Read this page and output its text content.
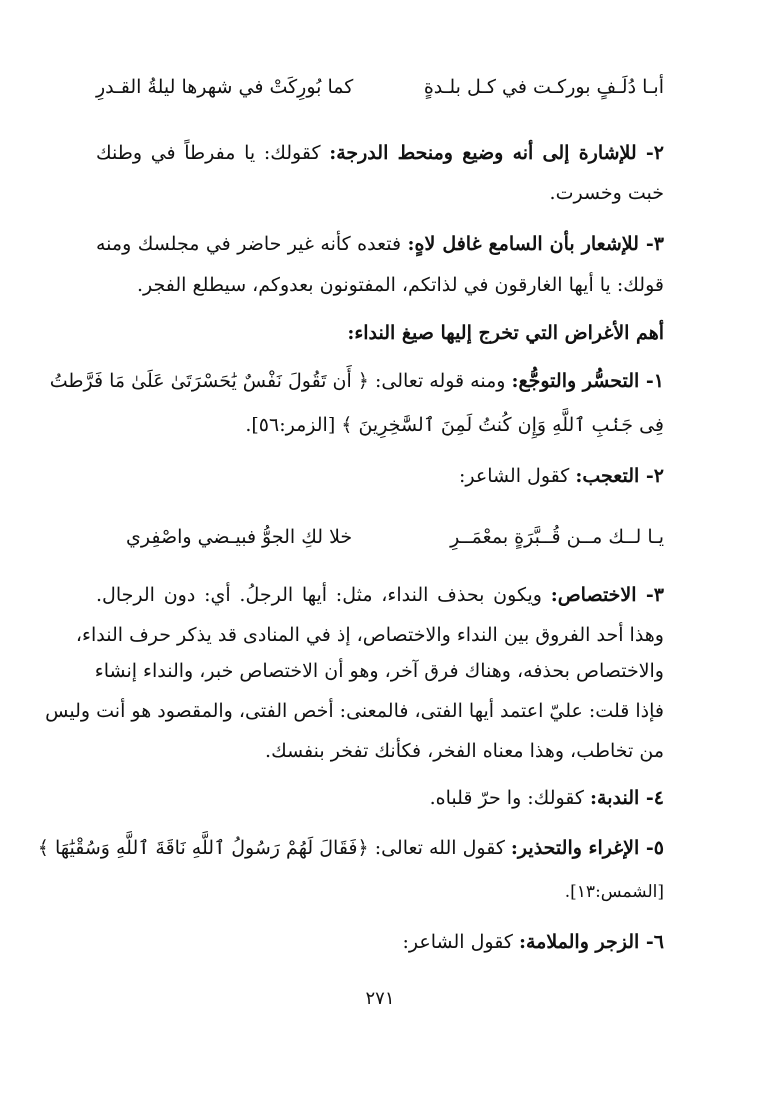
أبـا دُلَـفٍ بوركـت في كـل بلـدةٍ
كما بُورِكَتْ في شهرها ليلةُ القـدرِ
٢- للإشارة إلى أنه وضيع ومنحط الدرجة: كقولك: يا مفرطاً في وطنك
خبت وخسرت.
٣- للإشعار بأن السامع غافل لاهٍ: فتعده كأنه غير حاضر في مجلسك ومنه
قولك: يا أيها الغارقون في لذاتكم، المفتونون بعدوكم، سيطلع الفجر.
أهم الأغراض التي تخرج إليها صيغ النداء:
١- التحسُّر والتوجُّع: ومنه قوله تعالى: ﴿ أَن تَقُولَ نَفْسٌ يَٰحَسْرَتَىٰ عَلَىٰ مَا فَرَّطتُ
فِى جَنۢبِ ٱللَّهِ وَإِن كُنتُ لَمِنَ ٱلسَّٰخِرِينَ ﴾ [الزمر:٥٦].
٢- التعجب: كقول الشاعر:
يـا لــك مــن قُــبَّرَةٍ بمعْمَــرِ
خلا لكِ الجوُّ فبيـضي واصْفِري
٣- الاختصاص: ويكون بحذف النداء، مثل: أيها الرجلُ. أي: دون الرجال.
وهذا أحد الفروق بين النداء والاختصاص، إذ في المنادى قد يذكر حرف النداء،
والاختصاص بحذفه، وهناك فرق آخر، وهو أن الاختصاص خبر، والنداء إنشاء
فإذا قلت: عليّ اعتمد أيها الفتى، فالمعنى: أخص الفتى، والمقصود هو أنت وليس
من تخاطب، وهذا معناه الفخر، فكأنك تفخر بنفسك.
٤- الندبة: كقولك: وا حرّ قلباه.
٥- الإغراء والتحذير: كقول الله تعالى: ﴿فَقَالَ لَهُمْ رَسُولُ ٱللَّهِ نَاقَةَ ٱللَّهِ وَسُقْيَٰهَا ﴾
[الشمس:١٣].
٦- الزجر والملامة: كقول الشاعر:
٢٧١
